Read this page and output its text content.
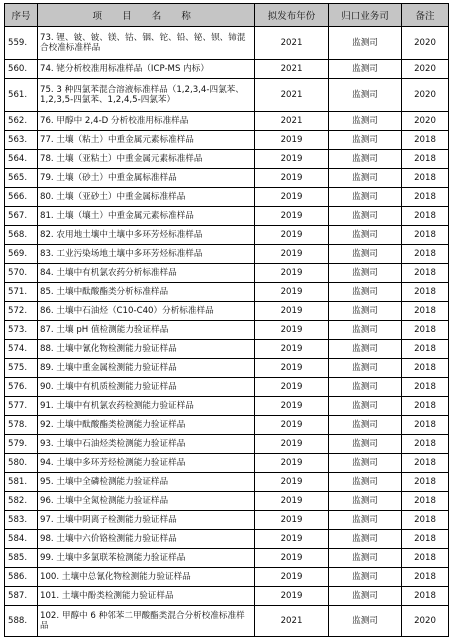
序号	项 目 名 称	拟发布年份	归口业务司	备注
559.	73. 锂、铍、铍、镁、钴、铟、铊、铅、铋、钡、铈混合校准标准样品	2021	监测司	2020
560.	74. 铑分析校准用标准样品（ICP-MS 内标）	2021	监测司	2020
561.	75. 3 种四氯苯混合溶液标准样品（1,2,3,4-四氯苯、1,2,3,5-四氯苯、1,2,4,5-四氯苯）	2021	监测司	2020
562.	76. 甲醇中 2,4-D 分析校准用标准样品	2021	监测司	2020
563.	77. 土壤（粘土）中重金属元素标准样品	2019	监测司	2018
564.	78. 土壤（亚粘土）中重金属元素标准样品	2019	监测司	2018
565.	79. 土壤（砂土）中重金属标准样品	2019	监测司	2018
566.	80. 土壤（亚砂土）中重金属标准样品	2019	监测司	2018
567.	81. 土壤（壤土）中重金属元素标准样品	2019	监测司	2018
568.	82. 农用地土壤中土壤中多环芳烃标准样品	2019	监测司	2018
569.	83. 工业污染场地土壤中多环芳烃标准样品	2019	监测司	2018
570.	84. 土壤中有机氯农药分析标准样品	2019	监测司	2018
571.	85. 土壤中酞酸酯类分析标准样品	2019	监测司	2018
572.	86. 土壤中石油烃（C10-C40）分析标准样品	2019	监测司	2018
573.	87. 土壤 pH 值检测能力验证样品	2019	监测司	2018
574.	88. 土壤中氰化物检测能力验证样品	2019	监测司	2018
575.	89. 土壤中重金属检测能力验证样品	2019	监测司	2018
576.	90. 土壤中有机质检测能力验证样品	2019	监测司	2018
577.	91. 土壤中有机氯农药检测能力验证样品	2019	监测司	2018
578.	92. 土壤中酞酸酯类检测能力验证样品	2019	监测司	2018
579.	93. 土壤中石油烃类检测能力验证样品	2019	监测司	2018
580.	94. 土壤中多环芳烃检测能力验证样品	2019	监测司	2018
581.	95. 土壤中全磷检测能力验证样品	2019	监测司	2018
582.	96. 土壤中全氮检测能力验证样品	2019	监测司	2018
583.	97. 土壤中阴离子检测能力验证样品	2019	监测司	2018
584.	98. 土壤中六价铬检测能力验证样品	2019	监测司	2018
585.	99. 土壤中多氯联苯检测能力验证样品	2019	监测司	2018
586.	100. 土壤中总氰化物检测能力验证样品	2019	监测司	2018
587.	101. 土壤中酚类检测能力验证样品	2019	监测司	2018
588.	102. 甲醇中 6 种邻苯二甲酸酯类混合分析校准标准样品	2021	监测司	2020
